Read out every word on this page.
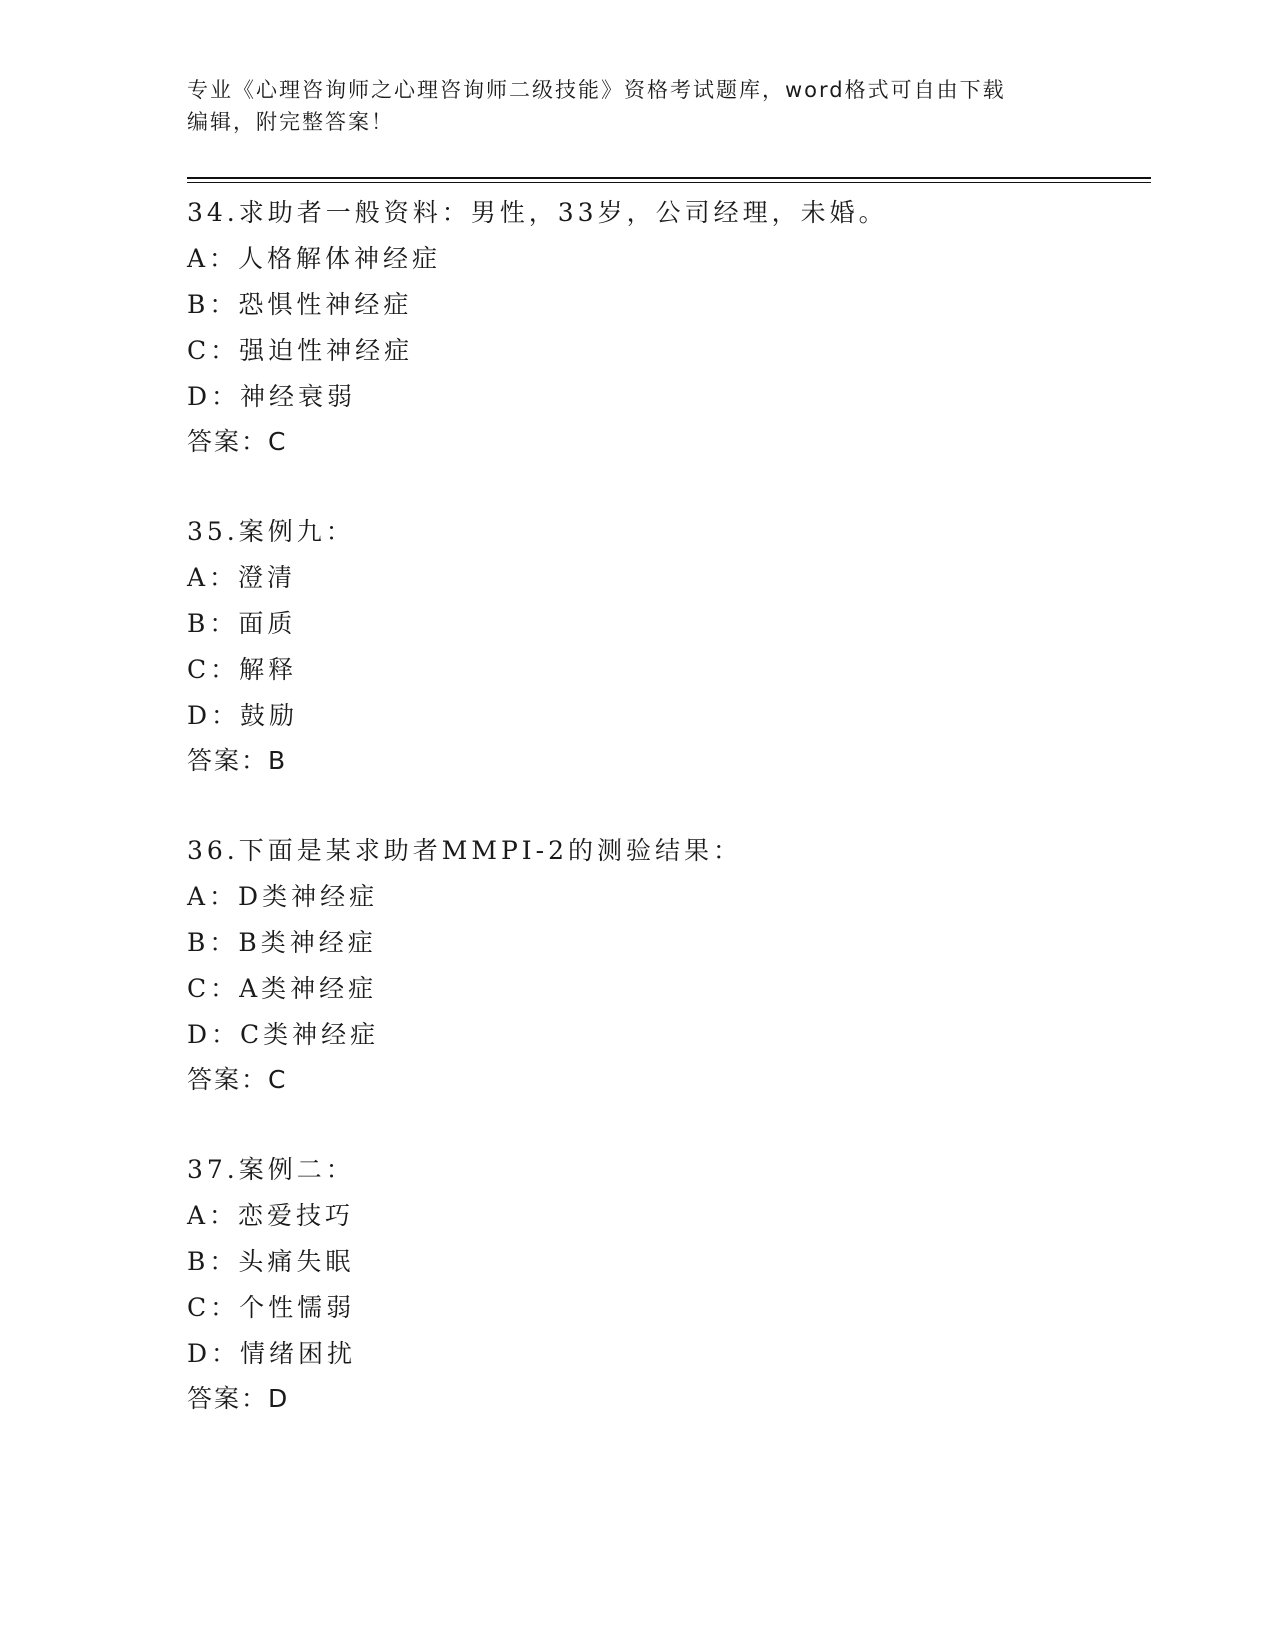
专业《心理咨询师之心理咨询师二级技能》资格考试题库，word格式可自由下载
编辑，附完整答案！
34.求助者一般资料：男性，33岁，公司经理，未婚。
A：人格解体神经症
B：恐惧性神经症
C：强迫性神经症
D：神经衰弱
答案：C
35.案例九：
A：澄清
B：面质
C：解释
D：鼓励
答案：B
36.下面是某求助者MMPI-2的测验结果：
A：D类神经症
B：B类神经症
C：A类神经症
D：C类神经症
答案：C
37.案例二：
A：恋爱技巧
B：头痛失眠
C：个性懦弱
D：情绪困扰
答案：D
